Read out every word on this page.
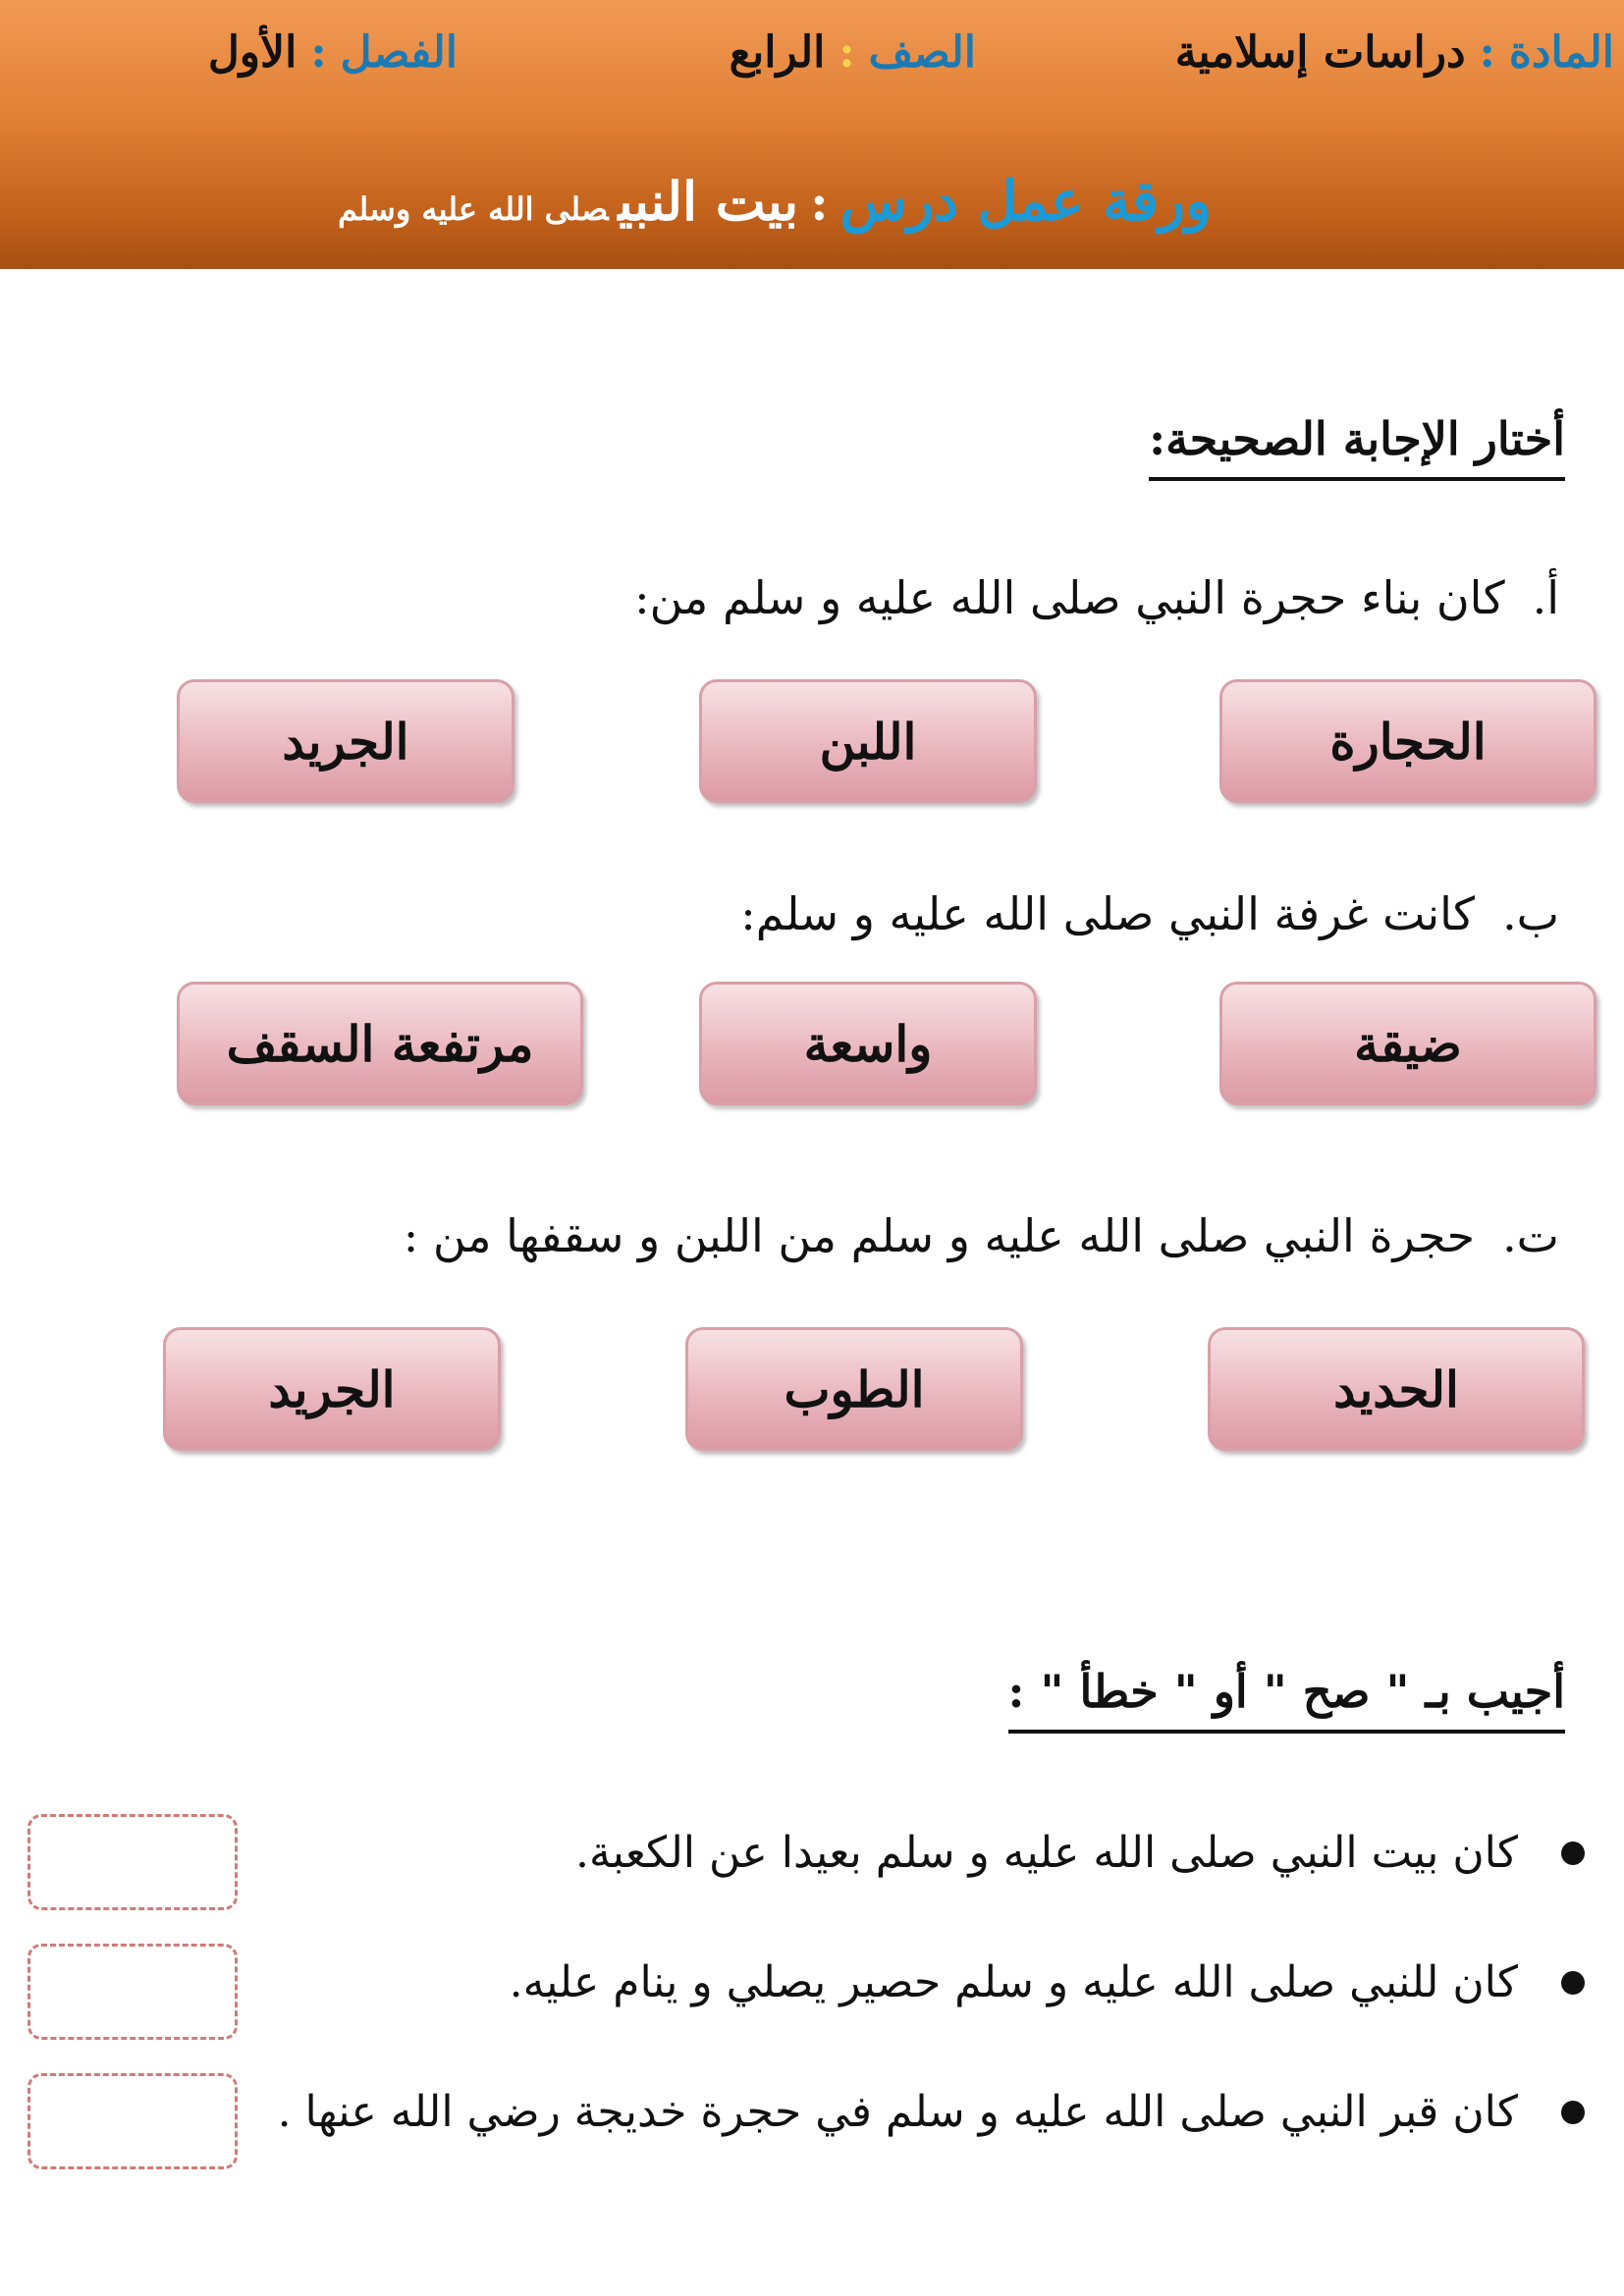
المادة:دراسات إسلامية
الصف:الرابع
الفصل:الأول
ورقة عمل درس:بيت النبيصلى الله عليه وسلم
أختار الإجابة الصحيحة:
أ.كان بناء حجرة النبي صلى الله عليه و سلم من:
الحجارة
اللبن
الجريد
ب.كانت غرفة النبي صلى الله عليه و سلم:
ضيقة
واسعة
مرتفعة السقف
ت.حجرة النبي صلى الله عليه و سلم من اللبن و سقفها من :
الحديد
الطوب
الجريد
أجيب بـ " صح " أو " خطأ " :
كان بيت النبي صلى الله عليه و سلم بعيدا عن الكعبة.
كان للنبي صلى الله عليه و سلم حصير يصلي و ينام عليه.
كان قبر النبي صلى الله عليه و سلم في حجرة خديجة رضي الله عنها .
